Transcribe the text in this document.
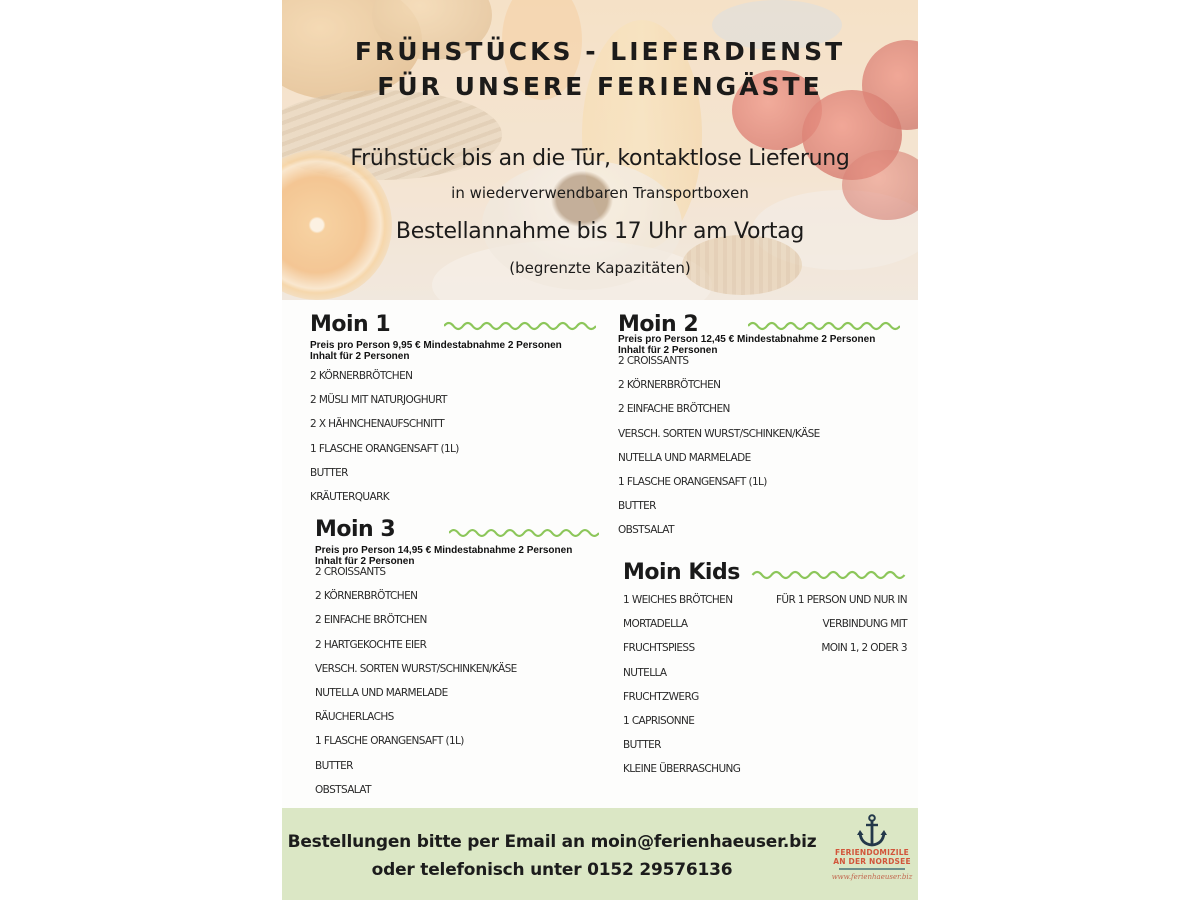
FRÜHSTÜCKS - LIEFERDIENST
FÜR UNSERE FERIENGÄSTE
Frühstück bis an die Tür, kontaktlose Lieferung
in wiederverwendbaren Transportboxen
Bestellannahme bis 17 Uhr am Vortag
(begrenzte Kapazitäten)
Moin 1
Preis pro Person 9,95 € Mindestabnahme 2 Personen
Inhalt für 2 Personen
2 KÖRNERBRÖTCHEN
2 MÜSLI MIT NATURJOGHURT
2 X HÄHNCHENAUFSCHNITT
1 FLASCHE ORANGENSAFT (1L)
BUTTER
KRÄUTERQUARK
Moin 2
Preis pro Person 12,45 € Mindestabnahme 2 Personen
Inhalt für 2 Personen
2 CROISSANTS
2 KÖRNERBRÖTCHEN
2 EINFACHE BRÖTCHEN
VERSCH. SORTEN WURST/SCHINKEN/KÄSE
NUTELLA UND MARMELADE
1 FLASCHE ORANGENSAFT (1L)
BUTTER
OBSTSALAT
Moin 3
Preis pro Person 14,95 € Mindestabnahme 2 Personen
Inhalt für 2 Personen
2 CROISSANTS
2 KÖRNERBRÖTCHEN
2 EINFACHE BRÖTCHEN
2 HARTGEKOCHTE EIER
VERSCH. SORTEN WURST/SCHINKEN/KÄSE
NUTELLA UND MARMELADE
RÄUCHERLACHS
1 FLASCHE ORANGENSAFT (1L)
BUTTER
OBSTSALAT
Moin Kids
1 WEICHES BRÖTCHEN
MORTADELLA
FRUCHTSPIESS
NUTELLA
FRUCHTZWERG
1 CAPRISONNE
BUTTER
KLEINE ÜBERRASCHUNG
FÜR 1 PERSON UND NUR IN
VERBINDUNG MIT
MOIN 1, 2 ODER 3
Bestellungen bitte per Email an moin@ferienhaeuser.biz
oder telefonisch unter 0152 29576136
FERIENDOMIZILE
AN DER NORDSEE
www.ferienhaeuser.biz
